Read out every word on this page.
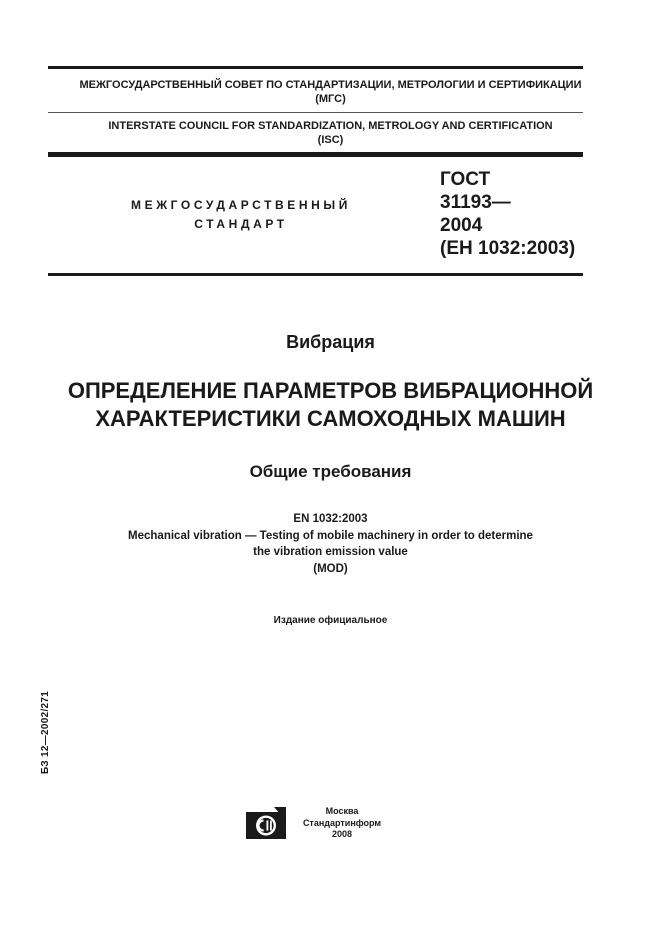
МЕЖГОСУДАРСТВЕННЫЙ СОВЕТ ПО СТАНДАРТИЗАЦИИ, МЕТРОЛОГИИ И СЕРТИФИКАЦИИ
(МГС)
INTERSTATE COUNCIL FOR STANDARDIZATION, METROLOGY AND CERTIFICATION
(ISC)
МЕЖГОСУДАРСТВЕННЫЙ
СТАНДАРТ
ГОСТ
31193—
2004
(ЕН 1032:2003)
Вибрация
ОПРЕДЕЛЕНИЕ ПАРАМЕТРОВ ВИБРАЦИОННОЙ
ХАРАКТЕРИСТИКИ САМОХОДНЫХ МАШИН
Общие требования
EN 1032:2003
Mechanical vibration — Testing of mobile machinery in order to determine
the vibration emission value
(MOD)
Издание официальное
БЗ 12—2002/271
Москва
Стандартинформ
2008
